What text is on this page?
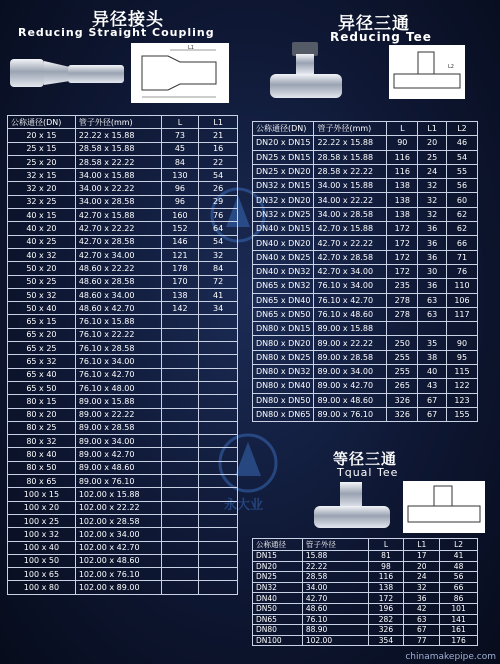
异径接头
Reducing Straight Coupling	异径三通
Reducing Tee
等径三通
Tqual Tee
L1
L2
永大业
公称通径(DN)	管子外径(mm)	L	L1
20 x 15	22.22 x 15.88	73	21
25 x 15	28.58 x 15.88	45	16
25 x 20	28.58 x 22.22	84	22
32 x 15	34.00 x 15.88	130	54
32 x 20	34.00 x 22.22	96	26
32 x 25	34.00 x 28.58	96	29
40 x 15	42.70 x 15.88	160	76
40 x 20	42.70 x 22.22	152	64
40 x 25	42.70 x 28.58	146	54
40 x 32	42.70 x 34.00	121	32
50 x 20	48.60 x 22.22	178	84
50 x 25	48.60 x 28.58	170	72
50 x 32	48.60 x 34.00	138	41
50 x 40	48.60 x 42.70	142	34
65 x 15	76.10 x 15.88		
65 x 20	76.10 x 22.22		
65 x 25	76.10 x 28.58		
65 x 32	76.10 x 34.00		
65 x 40	76.10 x 42.70		
65 x 50	76.10 x 48.00		
80 x 15	89.00 x 15.88		
80 x 20	89.00 x 22.22		
80 x 25	89.00 x 28.58		
80 x 32	89.00 x 34.00		
80 x 40	89.00 x 42.70		
80 x 50	89.00 x 48.60		
80 x 65	89.00 x 76.10		
100 x 15	102.00 x 15.88		
100 x 20	102.00 x 22.22		
100 x 25	102.00 x 28.58		
100 x 32	102.00 x 34.00		
100 x 40	102.00 x 42.70		
100 x 50	102.00 x 48.60		
100 x 65	102.00 x 76.10		
100 x 80	102.00 x 89.00		
公称通径(DN)	管子外径(mm)	L	L1	L2
DN20 x DN15	22.22 x 15.88	90	20	46
DN25 x DN15	28.58 x 15.88	116	25	54
DN25 x DN20	28.58 x 22.22	116	24	55
DN32 x DN15	34.00 x 15.88	138	32	56
DN32 x DN20	34.00 x 22.22	138	32	60
DN32 x DN25	34.00 x 28.58	138	32	62
DN40 x DN15	42.70 x 15.88	172	36	62
DN40 x DN20	42.70 x 22.22	172	36	66
DN40 x DN25	42.70 x 28.58	172	36	71
DN40 x DN32	42.70 x 34.00	172	30	76
DN65 x DN32	76.10 x 34.00	235	36	110
DN65 x DN40	76.10 x 42.70	278	63	106
DN65 x DN50	76.10 x 48.60	278	63	117
DN80 x DN15	89.00 x 15.88			
DN80 x DN20	89.00 x 22.22	250	35	90
DN80 x DN25	89.00 x 28.58	255	38	95
DN80 x DN32	89.00 x 34.00	255	40	115
DN80 x DN40	89.00 x 42.70	265	43	122
DN80 x DN50	89.00 x 48.60	326	67	123
DN80 x DN65	89.00 x 76.10	326	67	155
公称通径	管子外径	L	L1	L2
DN15	15.88	81	17	41
DN20	22.22	98	20	48
DN25	28.58	116	24	56
DN32	34.00	138	32	66
DN40	42.70	172	36	86
DN50	48.60	196	42	101
DN65	76.10	282	63	141
DN80	88.90	326	67	161
DN100	102.00	354	77	176
chinamakepipe.com
